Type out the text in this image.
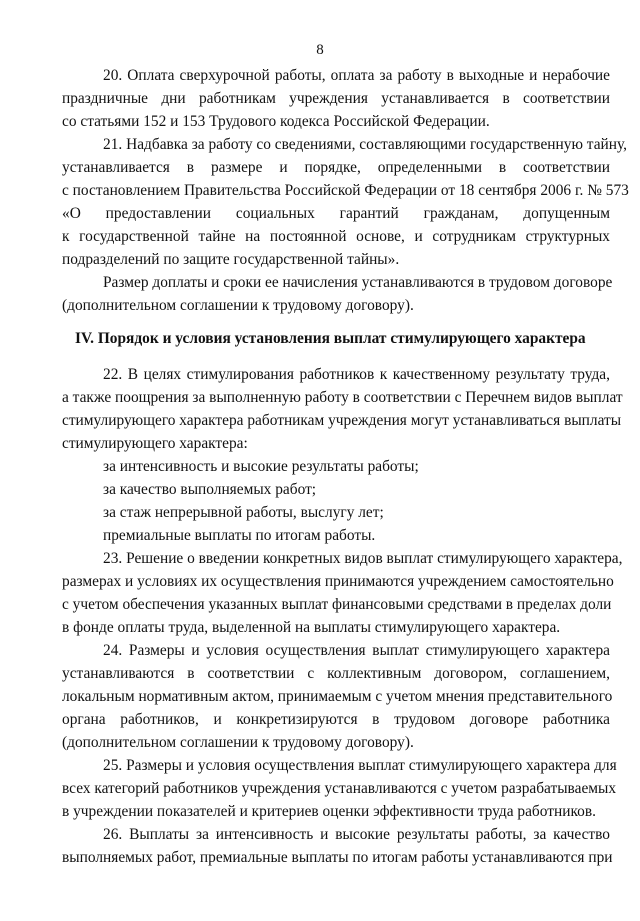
8
20. Оплата сверхурочной работы, оплата за работу в выходные и нерабочие
праздничные дни работникам учреждения устанавливается в соответствии
со статьями 152 и 153 Трудового кодекса Российской Федерации.
21. Надбавка за работу со сведениями, составляющими государственную тайну,
устанавливается в размере и порядке, определенными в соответствии
с постановлением Правительства Российской Федерации от 18 сентября 2006 г. № 573
«О предоставлении социальных гарантий гражданам, допущенным
к государственной тайне на постоянной основе, и сотрудникам структурных
подразделений по защите государственной тайны».
Размер доплаты и сроки ее начисления устанавливаются в трудовом договоре
(дополнительном соглашении к трудовому договору).
IV. Порядок и условия установления выплат стимулирующего характера
22. В целях стимулирования работников к качественному результату труда,
а также поощрения за выполненную работу в соответствии с Перечнем видов выплат
стимулирующего характера работникам учреждения могут устанавливаться выплаты
стимулирующего характера:
за интенсивность и высокие результаты работы;
за качество выполняемых работ;
за стаж непрерывной работы, выслугу лет;
премиальные выплаты по итогам работы.
23. Решение о введении конкретных видов выплат стимулирующего характера,
размерах и условиях их осуществления принимаются учреждением самостоятельно
с учетом обеспечения указанных выплат финансовыми средствами в пределах доли
в фонде оплаты труда, выделенной на выплаты стимулирующего характера.
24. Размеры и условия осуществления выплат стимулирующего характера
устанавливаются в соответствии с коллективным договором, соглашением,
локальным нормативным актом, принимаемым с учетом мнения представительного
органа работников, и конкретизируются в трудовом договоре работника
(дополнительном соглашении к трудовому договору).
25. Размеры и условия осуществления выплат стимулирующего характера для
всех категорий работников учреждения устанавливаются с учетом разрабатываемых
в учреждении показателей и критериев оценки эффективности труда работников.
26. Выплаты за интенсивность и высокие результаты работы, за качество
выполняемых работ, премиальные выплаты по итогам работы устанавливаются при
